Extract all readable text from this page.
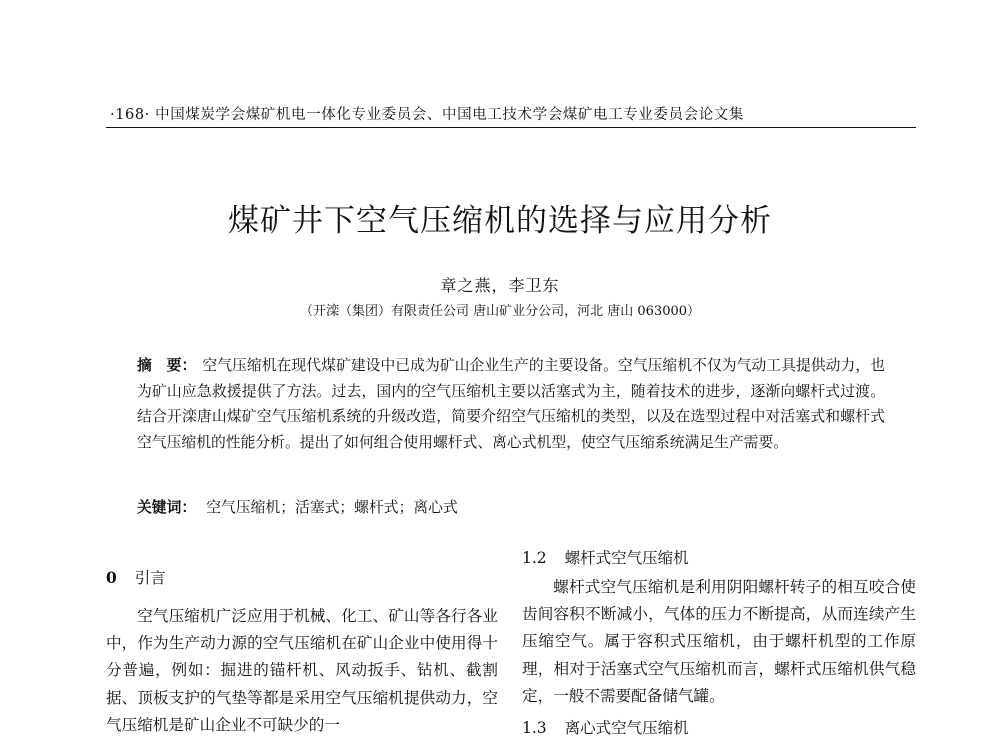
·168· 中国煤炭学会煤矿机电一体化专业委员会、中国电工技术学会煤矿电工专业委员会论文集
煤矿井下空气压缩机的选择与应用分析
章之燕，李卫东
（开滦（集团）有限责任公司 唐山矿业分公司，河北 唐山 063000）
摘　要： 空气压缩机在现代煤矿建设中已成为矿山企业生产的主要设备。空气压缩机不仅为气动工具提供动力，也为矿山应急救援提供了方法。过去，国内的空气压缩机主要以活塞式为主，随着技术的进步，逐渐向螺杆式过渡。结合开滦唐山煤矿空气压缩机系统的升级改造，简要介绍空气压缩机的类型，以及在选型过程中对活塞式和螺杆式空气压缩机的性能分析。提出了如何组合使用螺杆式、离心式机型，使空气压缩系统满足生产需要。
关键词： 空气压缩机；活塞式；螺杆式；离心式
0 引言

空气压缩机广泛应用于机械、化工、矿山等各行各业中，作为生产动力源的空气压缩机在矿山企业中使用得十分普遍，例如：掘进的锚杆机、风动扳手、钻机、截割据、顶板支护的气垫等都是采用空气压缩机提供动力，空气压缩机是矿山企业不可缺少的一

1.2 螺杆式空气压缩机

螺杆式空气压缩机是利用阴阳螺杆转子的相互咬合使齿间容积不断减小，气体的压力不断提高，从而连续产生压缩空气。属于容积式压缩机，由于螺杆机型的工作原理，相对于活塞式空气压缩机而言，螺杆式压缩机供气稳定，一般不需要配备储气罐。

1.3 离心式空气压缩机
